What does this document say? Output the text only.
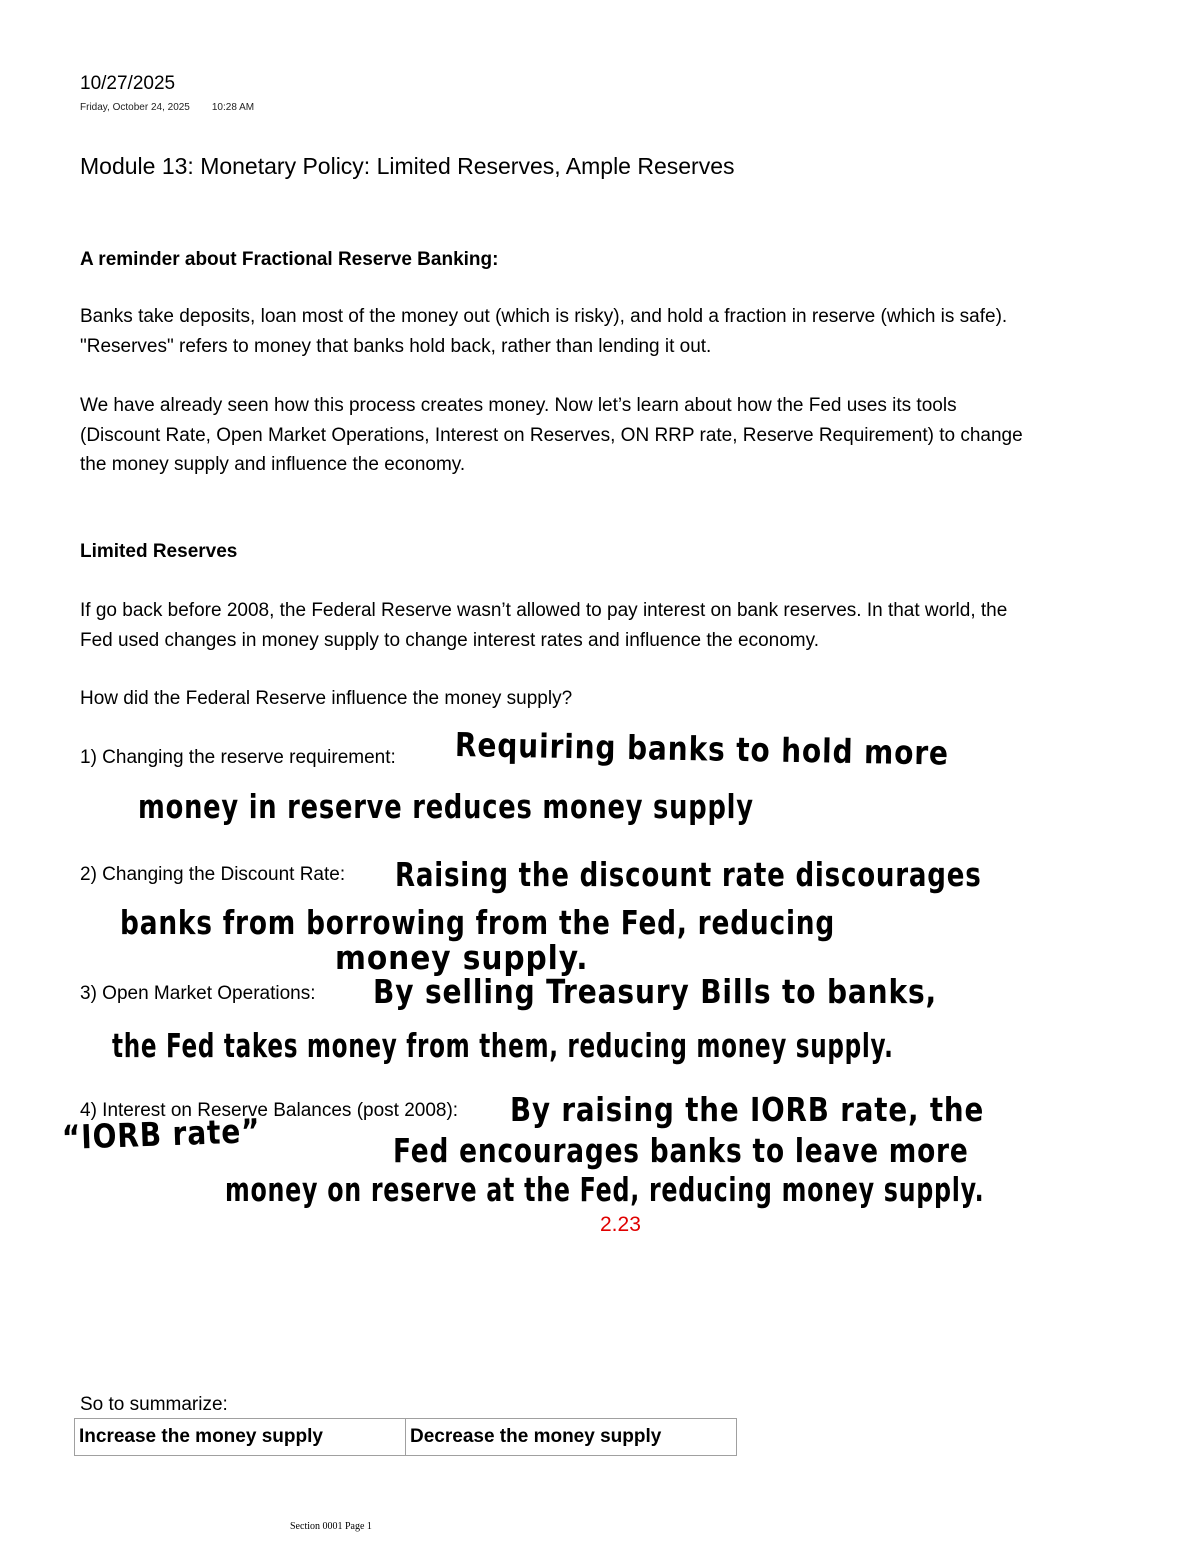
10/27/2025

Friday, October 24, 2025 10:28 AM

Module 13: Monetary Policy: Limited Reserves, Ample Reserves

A reminder about Fractional Reserve Banking:

Banks take deposits, loan most of the money out (which is risky), and hold a fraction in reserve (which is safe).

"Reserves" refers to money that banks hold back, rather than lending it out.

We have already seen how this process creates money. Now let’s learn about how the Fed uses its tools

(Discount Rate, Open Market Operations, Interest on Reserves, ON RRP rate, Reserve Requirement) to change

the money supply and influence the economy.

Limited Reserves

If go back before 2008, the Federal Reserve wasn’t allowed to pay interest on bank reserves. In that world, the

Fed used changes in money supply to change interest rates and influence the economy.

How did the Federal Reserve influence the money supply?

1) Changing the reserve requirement: Requiring banks to hold more

money in reserve reduces money supply

2) Changing the Discount Rate: Raising the discount rate discourages

banks from borrowing from the Fed, reducing

money supply.

3) Open Market Operations: By selling Treasury Bills to banks,

the Fed takes money from them, reducing money supply.

4) Interest on Reserve Balances (post 2008): By raising the IORB rate, the

“IORB rate”	Fed encourages banks to leave more

money on reserve at the Fed, reducing money supply.

2.23

So to summarize:

Increase the money supply	Decrease the money supply

Section 0001 Page 1
